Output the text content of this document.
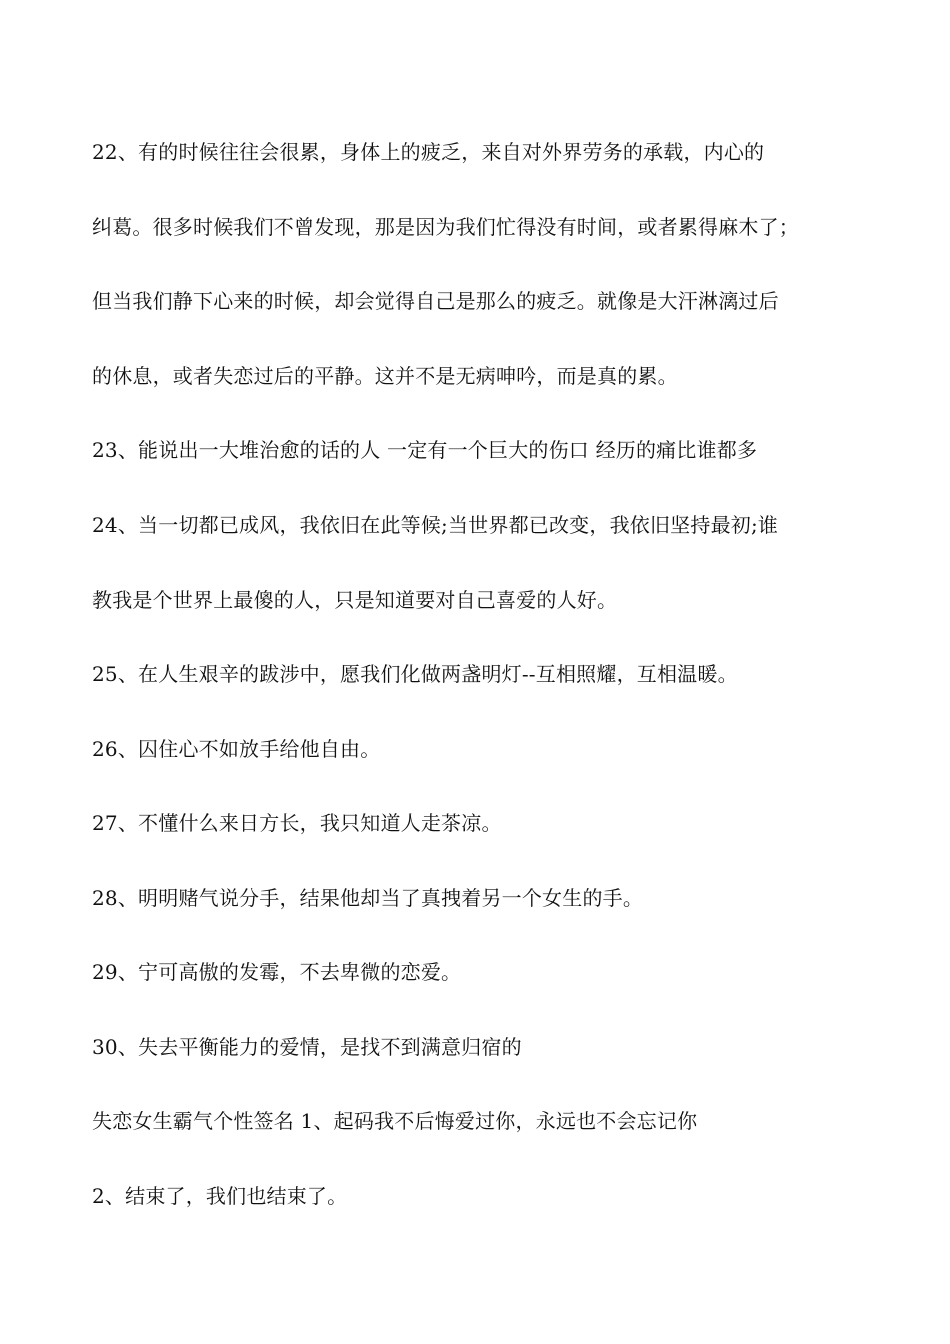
22、有的时候往往会很累，身体上的疲乏，来自对外界劳务的承载，内心的
纠葛。很多时候我们不曾发现，那是因为我们忙得没有时间，或者累得麻木了；
但当我们静下心来的时候，却会觉得自己是那么的疲乏。就像是大汗淋漓过后
的休息，或者失恋过后的平静。这并不是无病呻吟，而是真的累。
23、能说出一大堆治愈的话的人 一定有一个巨大的伤口 经历的痛比谁都多
24、当一切都已成风，我依旧在此等候;当世界都已改变，我依旧坚持最初;谁
教我是个世界上最傻的人，只是知道要对自己喜爱的人好。
25、在人生艰辛的跋涉中，愿我们化做两盏明灯--互相照耀，互相温暖。
26、囚住心不如放手给他自由。
27、不懂什么来日方长，我只知道人走茶凉。
28、明明赌气说分手，结果他却当了真拽着另一个女生的手。
29、宁可高傲的发霉，不去卑微的恋爱。
30、失去平衡能力的爱情，是找不到满意归宿的
失恋女生霸气个性签名 1、起码我不后悔爱过你，永远也不会忘记你
2、结束了，我们也结束了。
